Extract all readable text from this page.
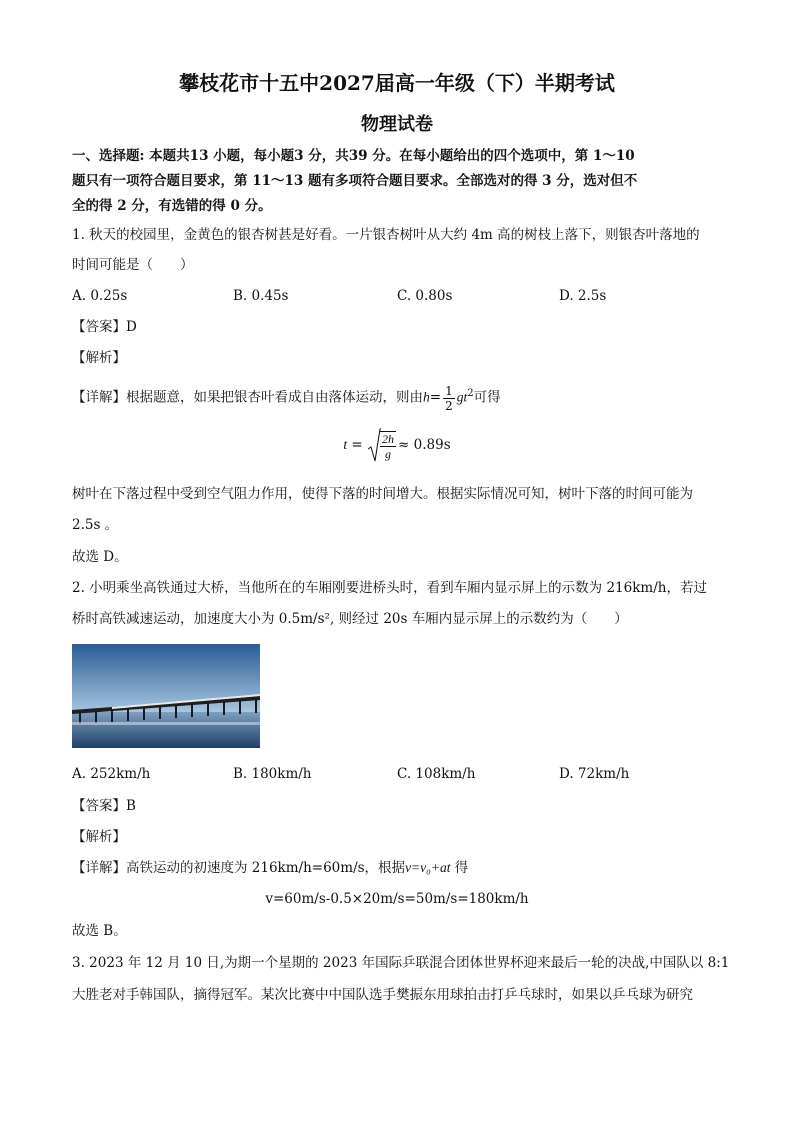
攀枝花市十五中2027届高一年级（下）半期考试
物理试卷
一、选择题: 本题共13 小题，每小题3 分，共39 分。在每小题给出的四个选项中，第 1～10
题只有一项符合题目要求，第 11～13 题有多项符合题目要求。全部选对的得 3 分，选对但不
全的得 2 分，有选错的得 0 分。
1. 秋天的校园里，金黄色的银杏树甚是好看。一片银杏树叶从大约 4m 高的树枝上落下，则银杏叶落地的
时间可能是（　　）
A. 0.25s	B. 0.45s	C. 0.80s	D. 2.5s
【答案】D
【解析】
【详解】根据题意，如果把银杏叶看成自由落体运动，则由$h= \frac{1}{2} gt^2$可得
$t = \frac{2h}{g} \approx 0.89s$
树叶在下落过程中受到空气阻力作用，使得下落的时间增大。根据实际情况可知，树叶下落的时间可能为
2.5s 。
故选 D。
2. 小明乘坐高铁通过大桥，当他所在的车厢刚要进桥头时，看到车厢内显示屏上的示数为 216km/h，若过
桥时高铁减速运动，加速度大小为 0.5m/s², 则经过 20s 车厢内显示屏上的示数约为（　　）
A. 252km/h	B. 180km/h	C. 108km/h	D. 72km/h
【答案】B
【解析】
【详解】高铁运动的初速度为 216km/h=60m/s，根据v=v₀+at 得
v=60m/s-0.5×20m/s=50m/s=180km/h
故选 B。
3. 2023 年 12 月 10 日,为期一个星期的 2023 年国际乒联混合团体世界杯迎来最后一轮的决战,中国队以 8:1
大胜老对手韩国队，摘得冠军。某次比赛中中国队选手樊振东用球拍击打乒乓球时，如果以乒乓球为研究
